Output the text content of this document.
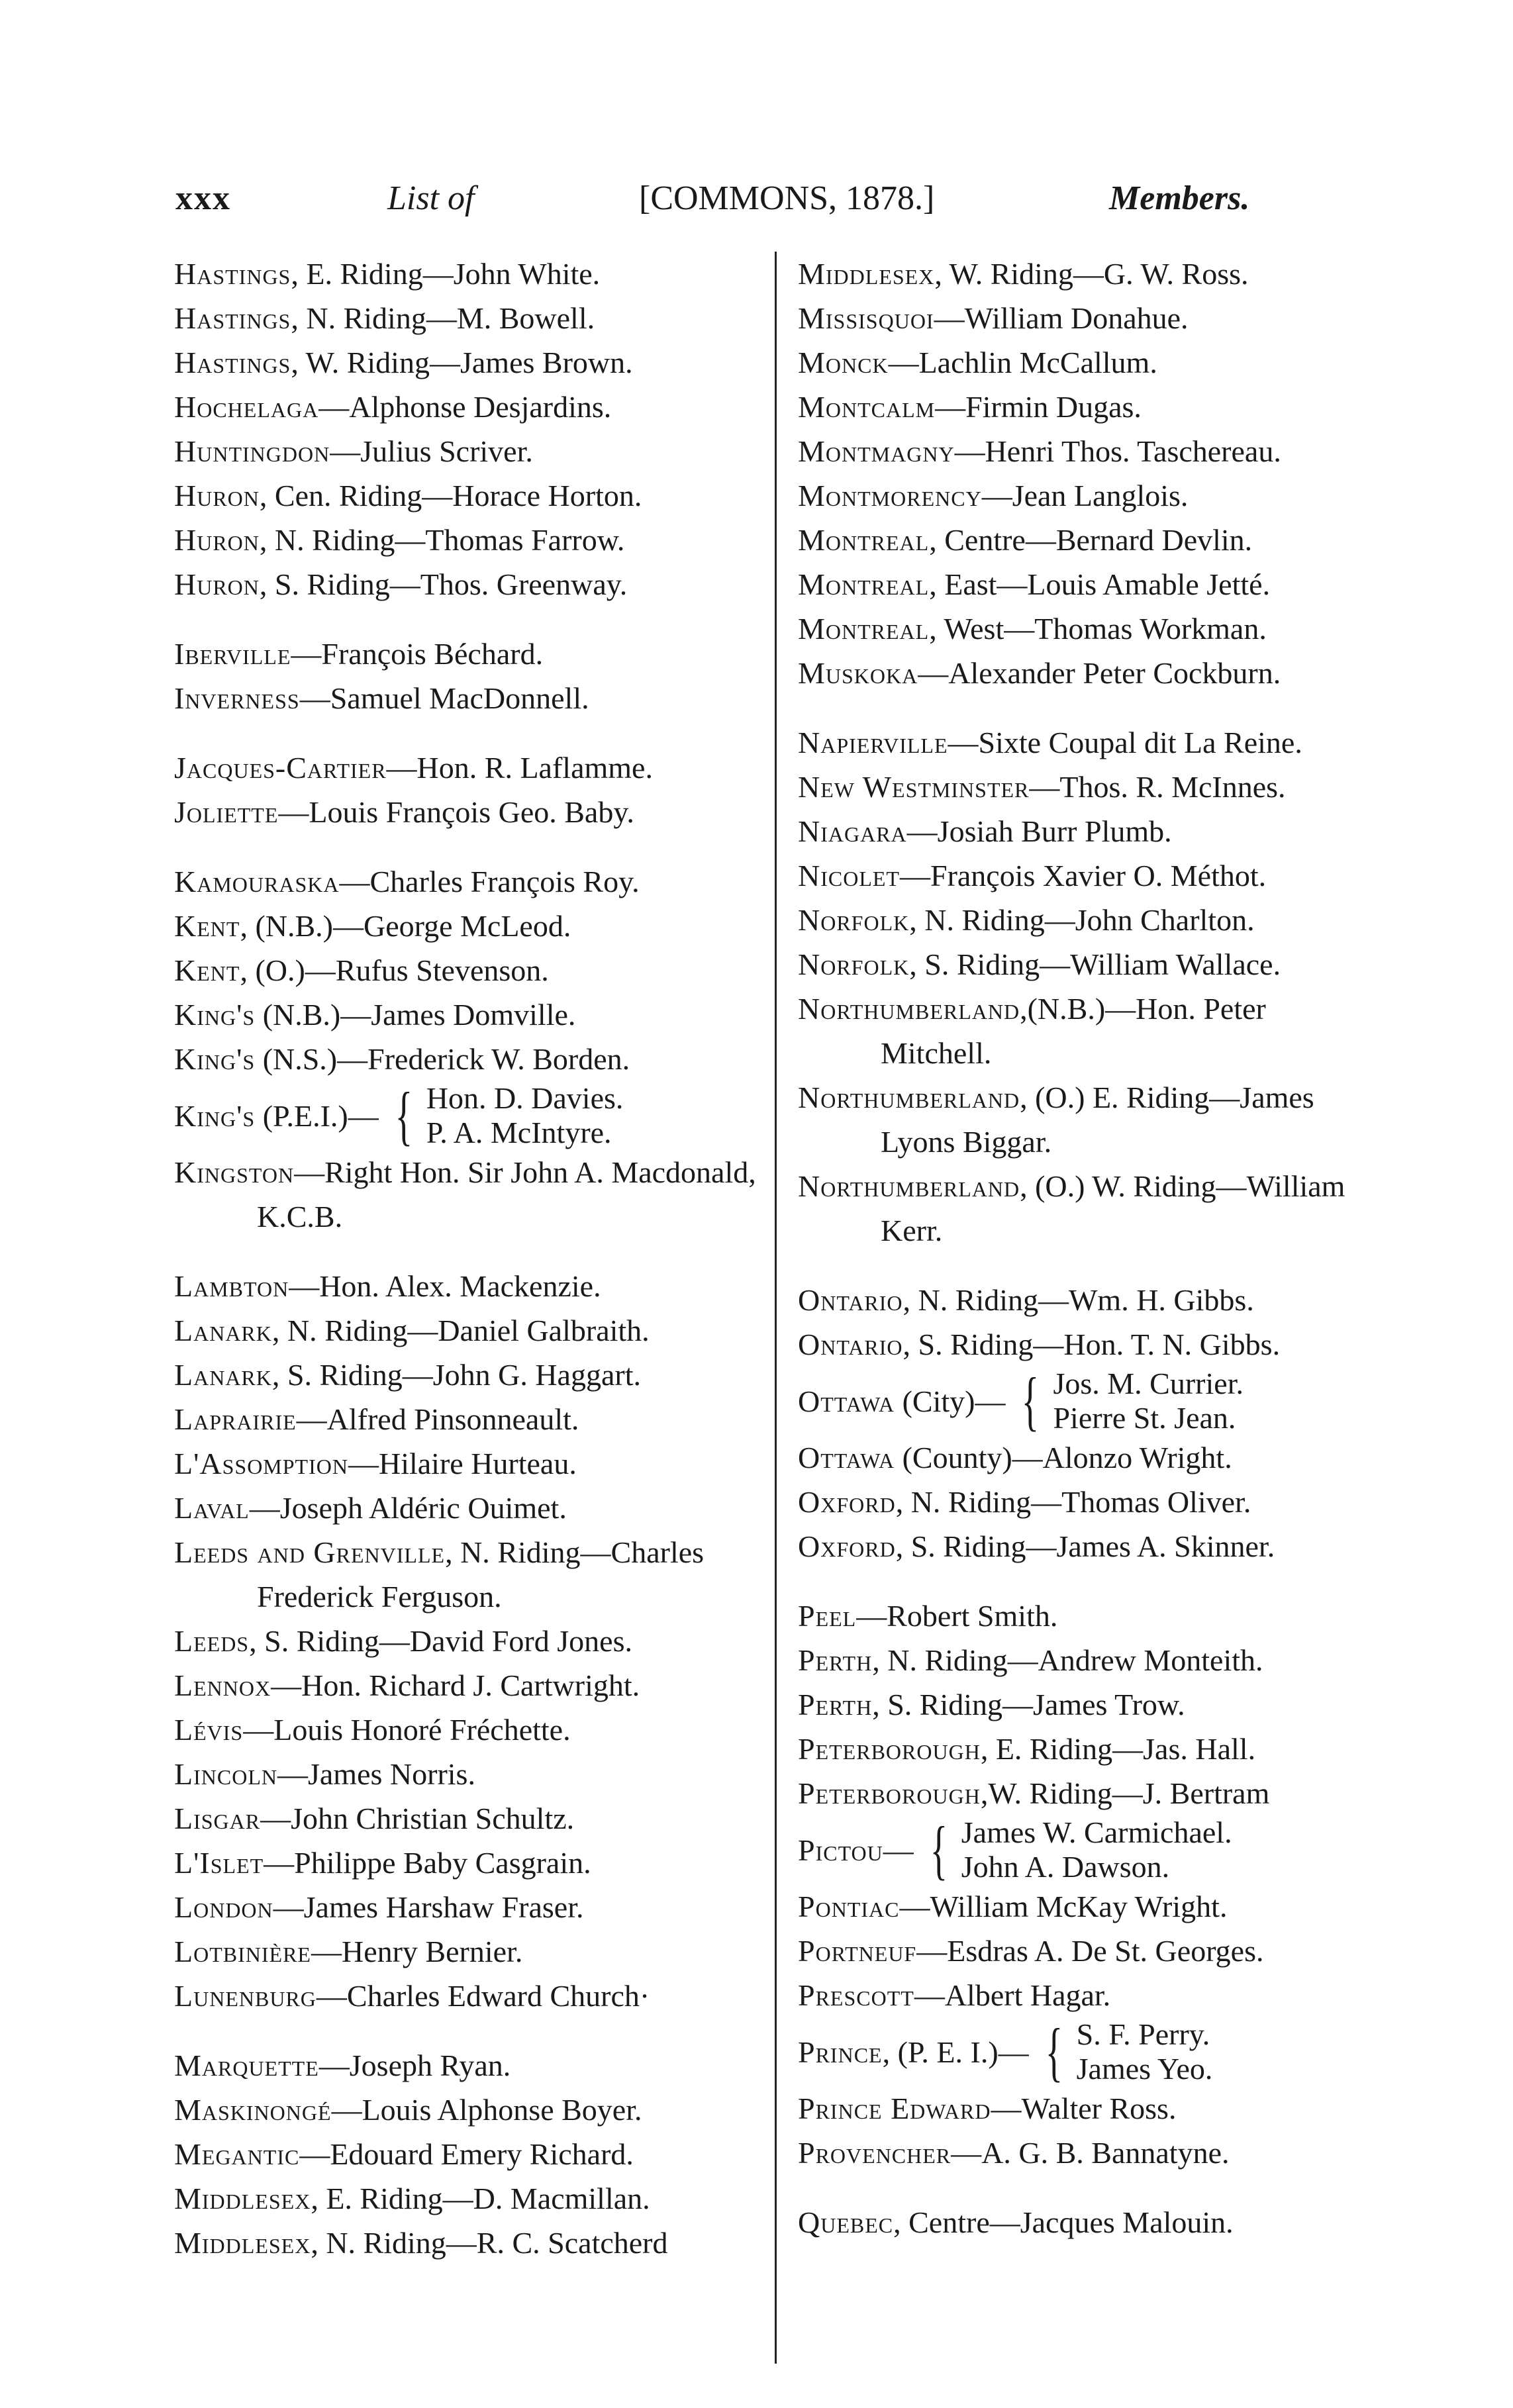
xxx	List of	[COMMONS, 1878.]	Members.
Hastings, E. Riding—John White.
Hastings, N. Riding—M. Bowell.
Hastings, W. Riding—James Brown.
Hochelaga—Alphonse Desjardins.
Huntingdon—Julius Scriver.
Huron, Cen. Riding—Horace Horton.
Huron, N. Riding—Thomas Farrow.
Huron, S. Riding—Thos. Greenway.
Iberville—François Béchard.
Inverness—Samuel MacDonnell.
Jacques-Cartier—Hon. R. Laflamme.
Joliette—Louis François Geo. Baby.
Kamouraska—Charles François Roy.
Kent, (N.B.)—George McLeod.
Kent, (O.)—Rufus Stevenson.
King's (N.B.)—James Domville.
King's (N.S.)—Frederick W. Borden.
King's (P.E.I.)— { Hon. D. Davies.
P. A. McIntyre.
Kingston—Right Hon. Sir John A. Macdonald, K.C.B.
Lambton—Hon. Alex. Mackenzie.
Lanark, N. Riding—Daniel Galbraith.
Lanark, S. Riding—John G. Haggart.
Laprairie—Alfred Pinsonneault.
L'Assomption—Hilaire Hurteau.
Laval—Joseph Aldéric Ouimet.
Leeds and Grenville, N. Riding—Charles Frederick Ferguson.
Leeds, S. Riding—David Ford Jones.
Lennox—Hon. Richard J. Cartwright.
Lévis—Louis Honoré Fréchette.
Lincoln—James Norris.
Lisgar—John Christian Schultz.
L'Islet—Philippe Baby Casgrain.
London—James Harshaw Fraser.
Lotbinière—Henry Bernier.
Lunenburg—Charles Edward Church·
Marquette—Joseph Ryan.
Maskinongé—Louis Alphonse Boyer.
Megantic—Edouard Emery Richard.
Middlesex, E. Riding—D. Macmillan.
Middlesex, N. Riding—R. C. Scatcherd
Middlesex, W. Riding—G. W. Ross.
Missisquoi—William Donahue.
Monck—Lachlin McCallum.
Montcalm—Firmin Dugas.
Montmagny—Henri Thos. Taschereau.
Montmorency—Jean Langlois.
Montreal, Centre—Bernard Devlin.
Montreal, East—Louis Amable Jetté.
Montreal, West—Thomas Workman.
Muskoka—Alexander Peter Cockburn.
Napierville—Sixte Coupal dit La Reine.
New Westminster—Thos. R. McInnes.
Niagara—Josiah Burr Plumb.
Nicolet—François Xavier O. Méthot.
Norfolk, N. Riding—John Charlton.
Norfolk, S. Riding—William Wallace.
Northumberland,(N.B.)—Hon. Peter Mitchell.
Northumberland, (O.) E. Riding—James Lyons Biggar.
Northumberland, (O.) W. Riding—William Kerr.
Ontario, N. Riding—Wm. H. Gibbs.
Ontario, S. Riding—Hon. T. N. Gibbs.
Ottawa (City)— { Jos. M. Currier.
Pierre St. Jean.
Ottawa (County)—Alonzo Wright.
Oxford, N. Riding—Thomas Oliver.
Oxford, S. Riding—James A. Skinner.
Peel—Robert Smith.
Perth, N. Riding—Andrew Monteith.
Perth, S. Riding—James Trow.
Peterborough, E. Riding—Jas. Hall.
Peterborough,W. Riding—J. Bertram
Pictou— { James W. Carmichael.
John A. Dawson.
Pontiac—William McKay Wright.
Portneuf—Esdras A. De St. Georges.
Prescott—Albert Hagar.
Prince, (P. E. I.)— { S. F. Perry.
James Yeo.
Prince Edward—Walter Ross.
Provencher—A. G. B. Bannatyne.
Quebec, Centre—Jacques Malouin.
